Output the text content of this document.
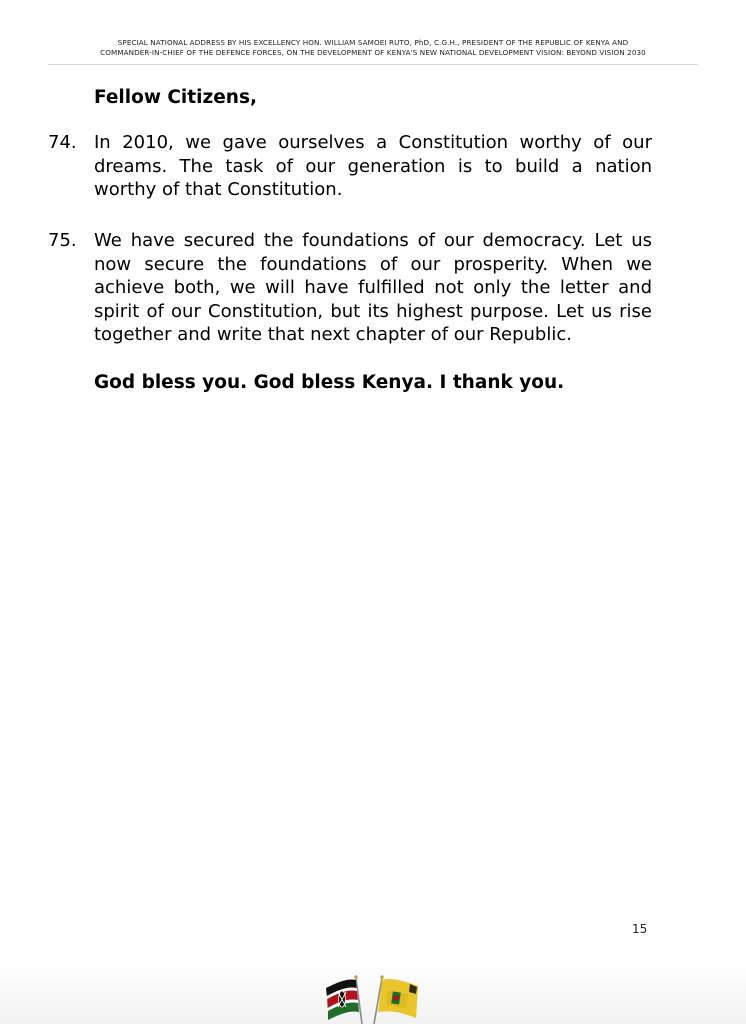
SPECIAL NATIONAL ADDRESS BY HIS EXCELLENCY HON. WILLIAM SAMOEI RUTO, PhD, C.G.H., PRESIDENT OF THE REPUBLIC OF KENYA AND
COMMANDER-IN-CHIEF OF THE DEFENCE FORCES, ON THE DEVELOPMENT OF KENYA'S NEW NATIONAL DEVELOPMENT VISION: BEYOND VISION 2030
Fellow Citizens,
74. In 2010, we gave ourselves a Constitution worthy of our dreams. The task of our generation is to build a nation worthy of that Constitution.
75. We have secured the foundations of our democracy. Let us now secure the foundations of our prosperity. When we achieve both, we will have fulfilled not only the letter and spirit of our Constitution, but its highest purpose. Let us rise together and write that next chapter of our Republic.
God bless you. God bless Kenya. I thank you.
15
